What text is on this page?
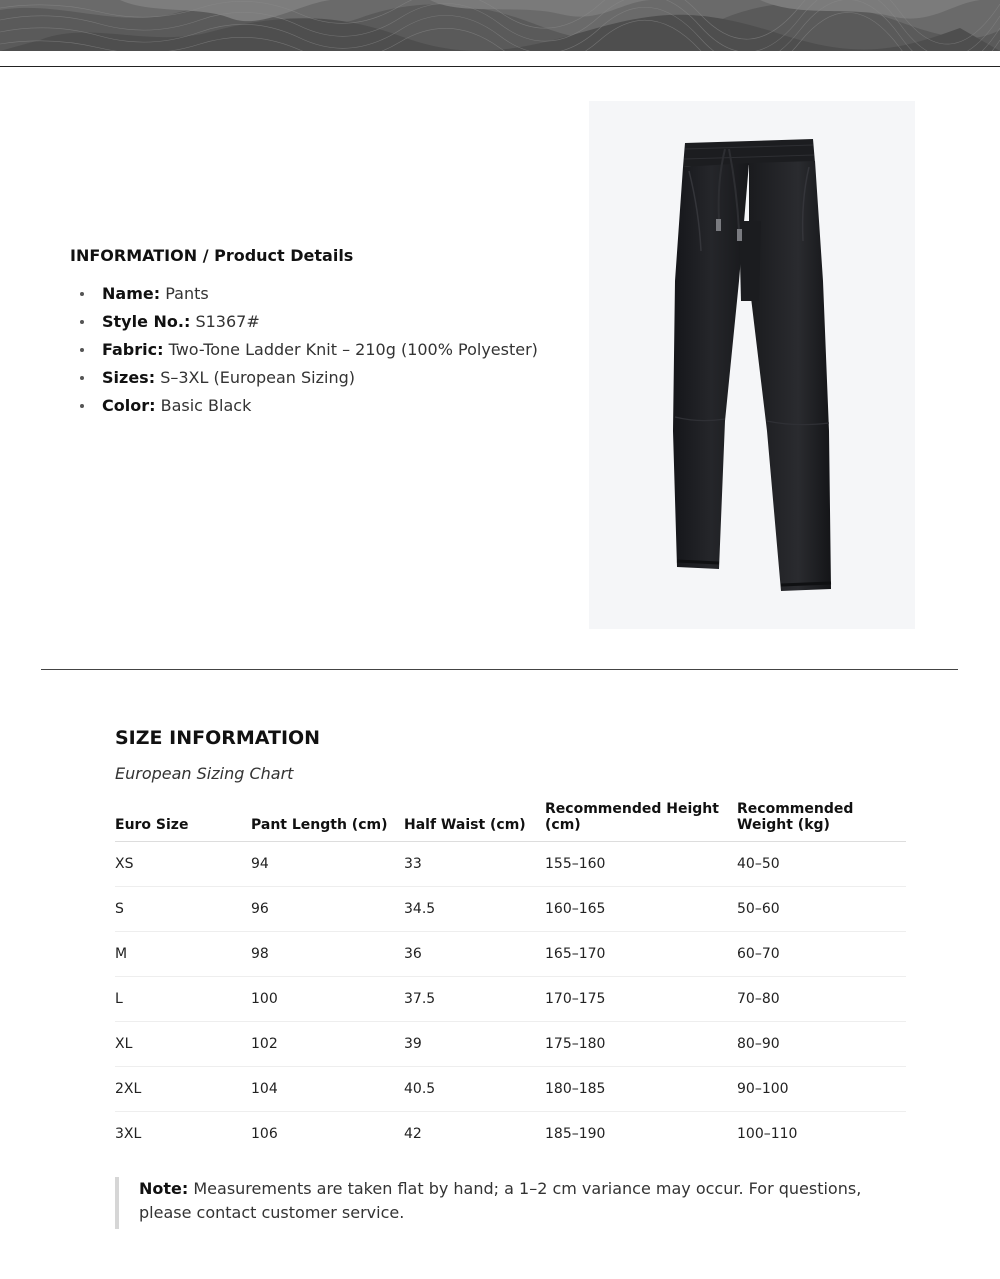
INFORMATION / Product Details
Name: Pants
Style No.: S1367#
Fabric: Two-Tone Ladder Knit – 210g (100% Polyester)
Sizes: S–3XL (European Sizing)
Color: Basic Black
SIZE INFORMATION
European Sizing Chart
Euro Size	Pant Length (cm)	Half Waist (cm)	Recommended Height (cm)	Recommended Weight (kg)
XS	94	33	155–160	40–50
S	96	34.5	160–165	50–60
M	98	36	165–170	60–70
L	100	37.5	170–175	70–80
XL	102	39	175–180	80–90
2XL	104	40.5	180–185	90–100
3XL	106	42	185–190	100–110
Note: Measurements are taken flat by hand; a 1–2 cm variance may occur. For questions, please contact customer service.
